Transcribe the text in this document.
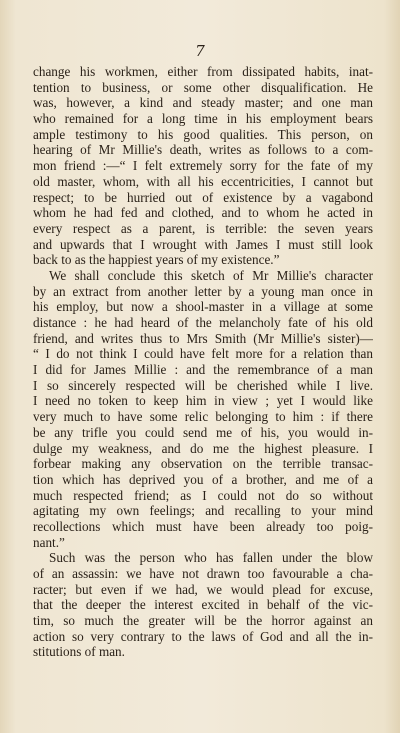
7
change his workmen, either from dissipated habits, inat-
tention to business, or some other disqualification. He
was, however, a kind and steady master; and one man
who remained for a long time in his employment bears
ample testimony to his good qualities. This person, on
hearing of Mr Millie's death, writes as follows to a com-
mon friend :—“ I felt extremely sorry for the fate of my
old master, whom, with all his eccentricities, I cannot but
respect; to be hurried out of existence by a vagabond
whom he had fed and clothed, and to whom he acted in
every respect as a parent, is terrible: the seven years
and upwards that I wrought with James I must still look
back to as the happiest years of my existence.”
We shall conclude this sketch of Mr Millie's character
by an extract from another letter by a young man once in
his employ, but now a shool-master in a village at some
distance : he had heard of the melancholy fate of his old
friend, and writes thus to Mrs Smith (Mr Millie's sister)—
“ I do not think I could have felt more for a relation than
I did for James Millie : and the remembrance of a man
I so sincerely respected will be cherished while I live.
I need no token to keep him in view ; yet I would like
very much to have some relic belonging to him : if there
be any trifle you could send me of his, you would in-
dulge my weakness, and do me the highest pleasure. I
forbear making any observation on the terrible transac-
tion which has deprived you of a brother, and me of a
much respected friend; as I could not do so without
agitating my own feelings; and recalling to your mind
recollections which must have been already too poig-
nant.”
Such was the person who has fallen under the blow
of an assassin: we have not drawn too favourable a cha-
racter; but even if we had, we would plead for excuse,
that the deeper the interest excited in behalf of the vic-
tim, so much the greater will be the horror against an
action so very contrary to the laws of God and all the in-
stitutions of man.
